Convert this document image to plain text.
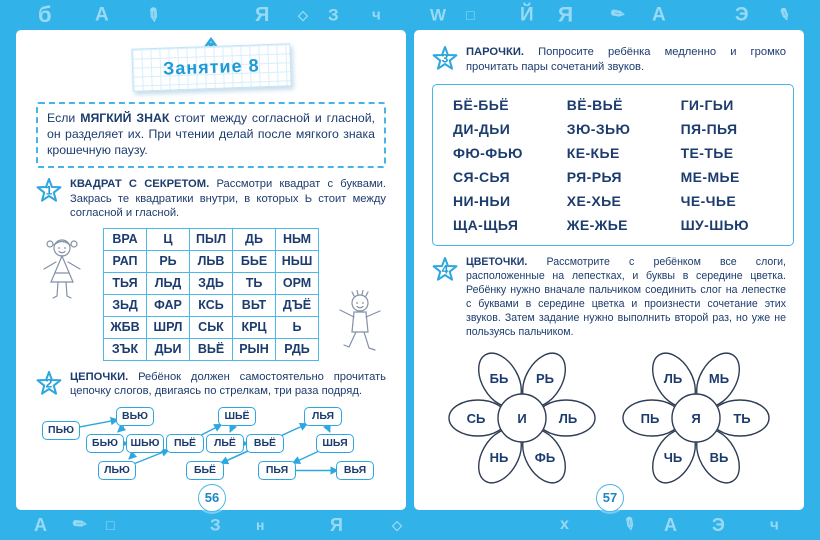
б А ✎	Я ◇ З ч	W □ Й Я ✎ А	Э ✎
А ✎ □	З	н	Я	◇	х	✎ А Э	ч
Занятие 8
Если МЯГКИЙ ЗНАК стоит между согласной и гласной, он разделяет их. При чтении делай после мягкого знака крошечную паузу.
1 КВАДРАТ С СЕКРЕТОМ. Рассмотри квадрат с буквами. Закрась те квадратики внутри, в которых Ь стоит между согласной и гласной.

ВРА	Ц	ПЫЛ	ДЬ	НЬМ
РАП	РЬ	ЛЬВ	БЬЕ	НЬШ
ТЬЯ	ЛЬД	ЗДЬ	ТЬ	ОРМ
ЗЬД	ФАР	КСЬ	ВЬТ	ДЪЁ
ЖБВ	ШРЛ	СЬК	КРЦ	Ь
ЗЪК	ДЬИ	ВЬЁ	РЫН	РДЬ
2 ЦЕПОЧКИ. Ребёнок должен самостоятельно прочитать цепочку слогов, двигаясь по стрелкам, три раза подряд.

ПЬЮ
ВЬЮ
БЬЮ	ШЬЮ
ЛЬЮ
ПЬЁ
ШЬЁ
ЛЬЁ	ВЬЁ
БЬЁ
ЛЬЯ
ШЬЯ
ПЬЯ	ВЬЯ
3 ПАРОЧКИ. Попросите ребёнка медленно и громко прочитать пары сочетаний звуков.

БЁ-БЬЁ	ВЁ-ВЬЁ	ГИ-ГЬИ
ДИ-ДЬИ	ЗЮ-ЗЬЮ	ПЯ-ПЬЯ
ФЮ-ФЬЮ	КЕ-КЬЕ	ТЕ-ТЬЕ
СЯ-СЬЯ	РЯ-РЬЯ	МЕ-МЬЕ
НИ-НЬИ	ХЕ-ХЬЕ	ЧЕ-ЧЬЕ
ЩА-ЩЬЯ	ЖЕ-ЖЬЕ	ШУ-ШЬЮ
4

ЦВЕТОЧКИ. Рассмотрите с ребёнком все слоги, расположенные на лепестках, и буквы в середине цветка. Ребёнку нужно вначале пальчиком соединить слог на лепестке с буквами в середине цветка и произнести сочетание этих звуков. Затем задание нужно выполнить второй раз, но уже не пользуясь пальчиком.

И ЛЬ
ФЬ
НЬ
СЬ
БЬ РЬ
Я	ТЬ
ВЬ
ЧЬ
ПЬ
ЛЬ МЬ
56	57
